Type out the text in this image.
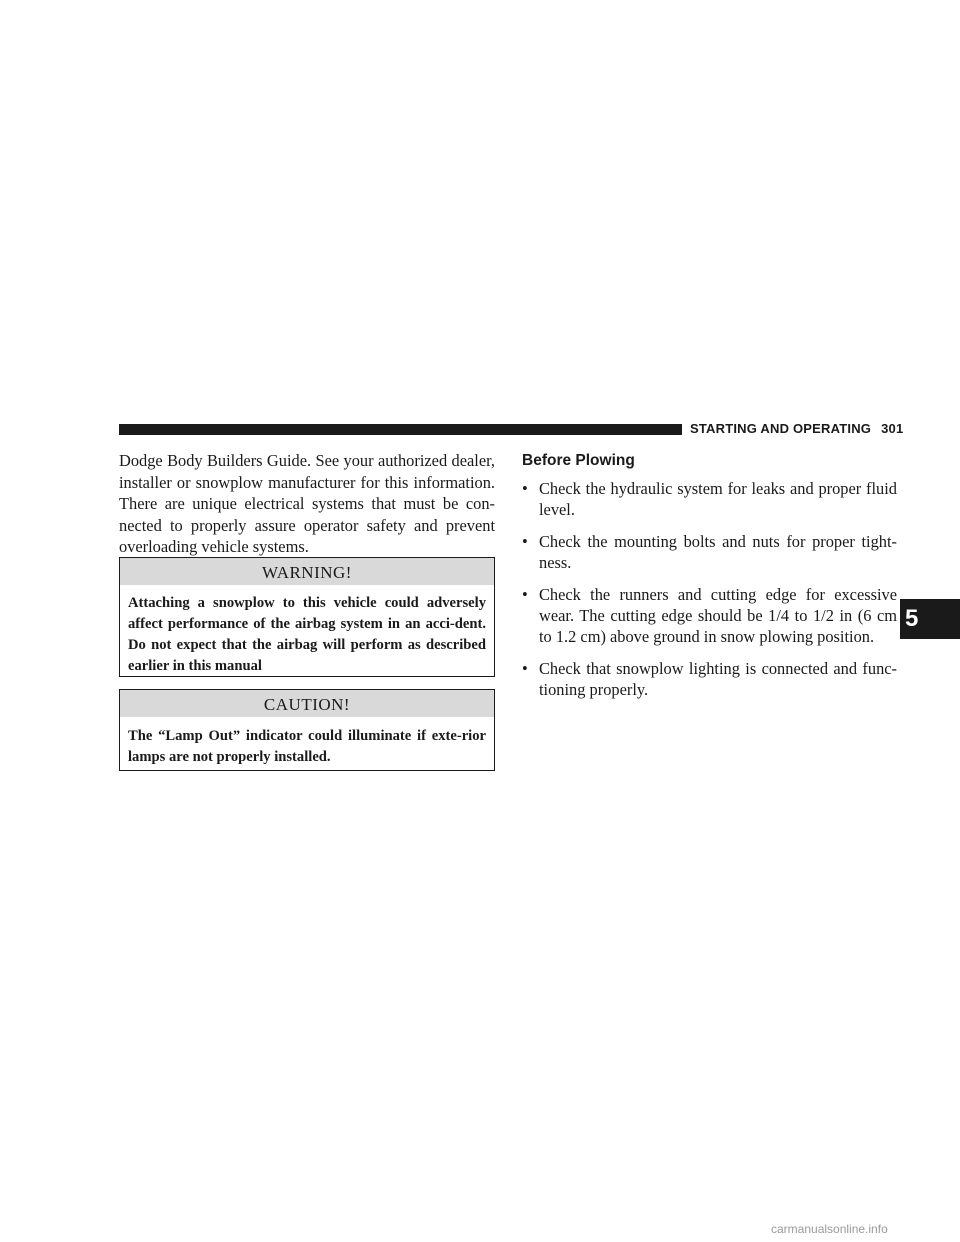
STARTING AND OPERATING 301

Dodge Body Builders Guide. See your authorized dealer, installer or snowplow manufacturer for this information. There are unique electrical systems that must be con-nected to properly assure operator safety and prevent overloading vehicle systems.

WARNING!
Attaching a snowplow to this vehicle could adversely affect performance of the airbag system in an acci-dent. Do not expect that the airbag will perform as described earlier in this manual
CAUTION!
The “Lamp Out” indicator could illuminate if exte-rior lamps are not properly installed.
Before Plowing
• Check the hydraulic system for leaks and proper fluid level.
• Check the mounting bolts and nuts for proper tight-ness.
• Check the runners and cutting edge for excessive wear. The cutting edge should be 1/4 to 1/2 in (6 cm to 1.2 cm) above ground in snow plowing position.
• Check that snowplow lighting is connected and func-tioning properly.
5
carmanualsonline.info
